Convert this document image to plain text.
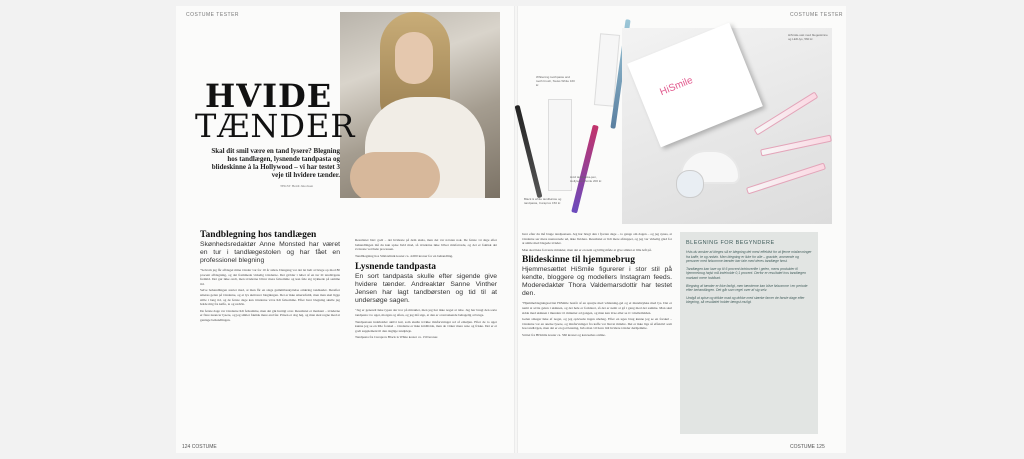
COSTUME TESTER	COSTUME TESTER
HVIDE
TÆNDER
Skal dit smil være en tand lysere? Blegning hos tandlægen, lysnende tandpasta og blideskinne à la Hollywood – vi har testet 3 veje til hvidere tænder.
TEKST Heidi Jakobsen
Tandblegning hos tandlægen
Skønhedsredaktør Anne Monsted har været en tur i tandlægestolen og har fået en professionel blegning

"Selvom jeg får afbleget mine tænder var for 10 år siden. Dengang var det let helt at bruge op mod 80 procent afblegning, og det fremmede virkelig tænderne. Det gælder i løbet af en tur til tandlægens fremtid. Det gør ikke ondt, men tænderne bliver mere følsomme og kan føle sig trykkede på samme tid.

Selve behandlingen starter med, at man får en slags gummibeskyttelse omkring tandkødet. Derefter smøres gelen på tænderne, og et lys aktiverer blegningen. Det er ikke smertefuldt, men man skal ligge stille i lang tid, og de første dage kan tænderne være lidt følsomme. Efter hver blegning skulle jeg holde mig fra kaffe, te og rødvin.

De første dage var tænderne lidt følsomme, men det gik hurtigt over. Resultatet er markant – tænderne er flere nuancer lysere, og jeg smiler faktisk mere end før. Prisen er dog høj, og man skal regne med at gentage behandlingen.

Resultatet blev godt – det hvideste på dem skala, men det var næsten nok. De første 14 dage efter behandlingen må du kun spise hvid mad, så tænderne ikke bliver misfarvede, og det er faktisk det sværeste ved hele processen.

Tandblegning hos Smil-klinik koster ca. 4.000 kroner for en behandling.

Lysnende tandpasta
En sort tandpasta skulle efter sigende give hvidere tænder. Andreaktør Sanne Vinther Jensen har lagt tandbørsten og tid til at undersøge sagen.

"Jeg er generelt ikke typen der tror på mirakler, men jeg har ikke noget at tabe. Jeg har brugt den sorte tandpasta i to uger, morgen og aften, og jeg må sige, at den er overraskende behagelig at bruge.

Tandpastaen indeholder aktivt kul, som skulle trække misfarvninger ud af emaljen. Efter de to uger kunne jeg se en lille forskel – tænderne er ikke kridhvide, men de virker mere rene og friske. Det er et godt supplement til den daglige tandpleje.

Tandpasta fra Curaprox Black is White koster ca. 150 kroner.

Whitening toothpaste and tooth brush, Swiss White 160 kr.
Black & white tandbørste og tandpasta, Curaprox 150 kr.
Hvid tandpasta-pen, Hollywood Smile 200 kr.
HiSmile
HiSmile-sæt med blegeskinne og LED-lys, 560 kr.

hver efter du må bruge tandpastaen. Jeg har brugt den i fjorten dage – to gange om dagen – og jeg synes, at tænderne ser mere nuancerede ud, ikke hvidere. Resultatet er lidt mere afslappet, og jeg var virkelig glad for at smile med blegede tænder.

Man skal ikke forvente mirakler, men det er en nem og billig måde at give smilet et lille løft på.

Blideskinne til hjemmebrug
Hjemmesættet HiSmile figurerer i stor stil på kendte, bloggere og modellers Instagram feeds. Moderedaktør Thora Valdemarsdottir har testet den.

"Hjemmeblegningssættet HiSmile består af en sprøjte med whitening-gel og et mundstykke med lys. Det er nemt at sætte gelen i skinnen, og det hele er forklaret, så det er nemt at gå i gang med det samme. Man skal sidde med skinnen i munden i ti minutter ad gangen, og man kan læse eller se tv i mellemtiden.

Gelen smager ikke af noget, og jeg oplevede ingen ubehag. Efter en uges brug kunne jeg se en forskel – tænderne var en anelse lysere, og misfarvninger fra kaffe var blevet mindre. Det er ikke lige så effektivt som hos tandlægen, men det er en god løsning, hvis man vil have lidt hvidere tænder derhjemme.

Sættet fra HiSmile koster ca. 560 kroner og kan købes online.

BLEGNING FOR BEGYNDERE

Hvis du ønsker at bleges så er blegning det mest effektivt for at fjerne misfarvninger fra kaffe, te og rødvin. Men blegning er ikke for alle – gravide, ammende og personer med følsomme tænder bør tale med deres tandlæge først.

Tandlægen kan lave op til 6 procent brintoverilte i gelen, mens produkter til hjemmebrug højst må indeholde 0,1 procent. Derfor er resultatet hos tandlægen markant mere holdbart.

Blegning af tænder er ikke farligt, men tænderne kan blive følsomme i en periode efter behandlingen. Det går som regel over af sig selv.

Undgå at spise og drikke mad og drikke med stærke farver de første dage efter blegning, så resultatet holder længst muligt.

124 COSTUME	COSTUME 125
